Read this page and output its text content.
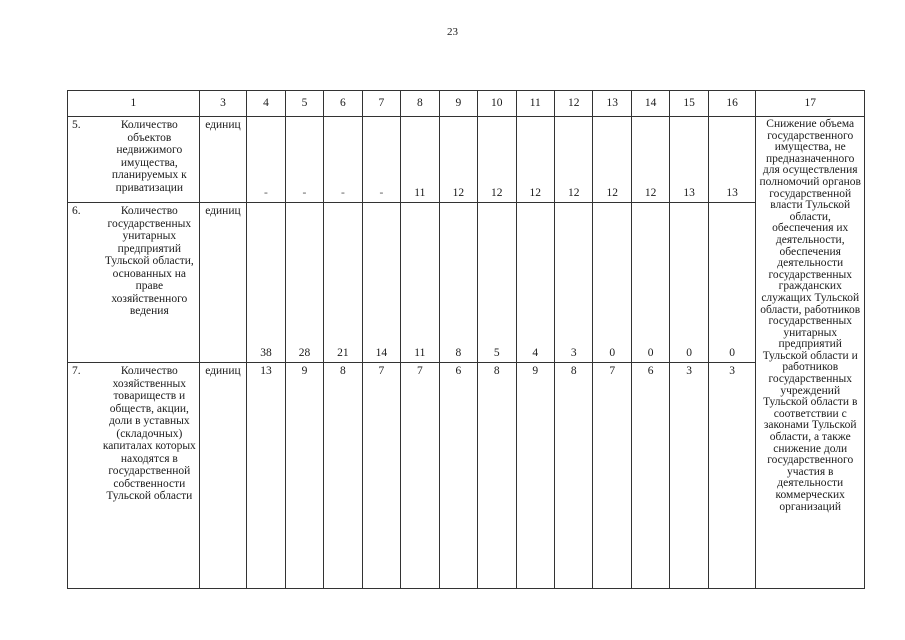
23
1	3	4	5	6	7	8	9	10	11	12	13	14	15	16	17

5. Количество объектов недвижимого имущества, планируемых к приватизации	единиц	-	-	-	-	11	12	12	12	12	12	12	13	13	Снижение объема государственного имущества, не предназначенного для осуществления полномочий органов государственной власти Тульской области, обеспечения их деятельности, обеспечения деятельности государственных гражданских служащих Тульской области, работников государственных унитарных предприятий Тульской области и работников государственных учреждений Тульской области в соответствии с законами Тульской области, а также снижение доли государственного участия в деятельности коммерческих организаций

6. Количество государственных унитарных предприятий Тульской области, основанных на праве хозяйственного ведения	единиц	38	28	21	14	11	8	5	4	3	0	0	0	0	

7. Количество хозяйственных товариществ и обществ, акции, доли в уставных (складочных) капиталах которых находятся в государственной собственности Тульской области	единиц	13	9	8	7	7	6	8	9	8	7	6	3	3	
